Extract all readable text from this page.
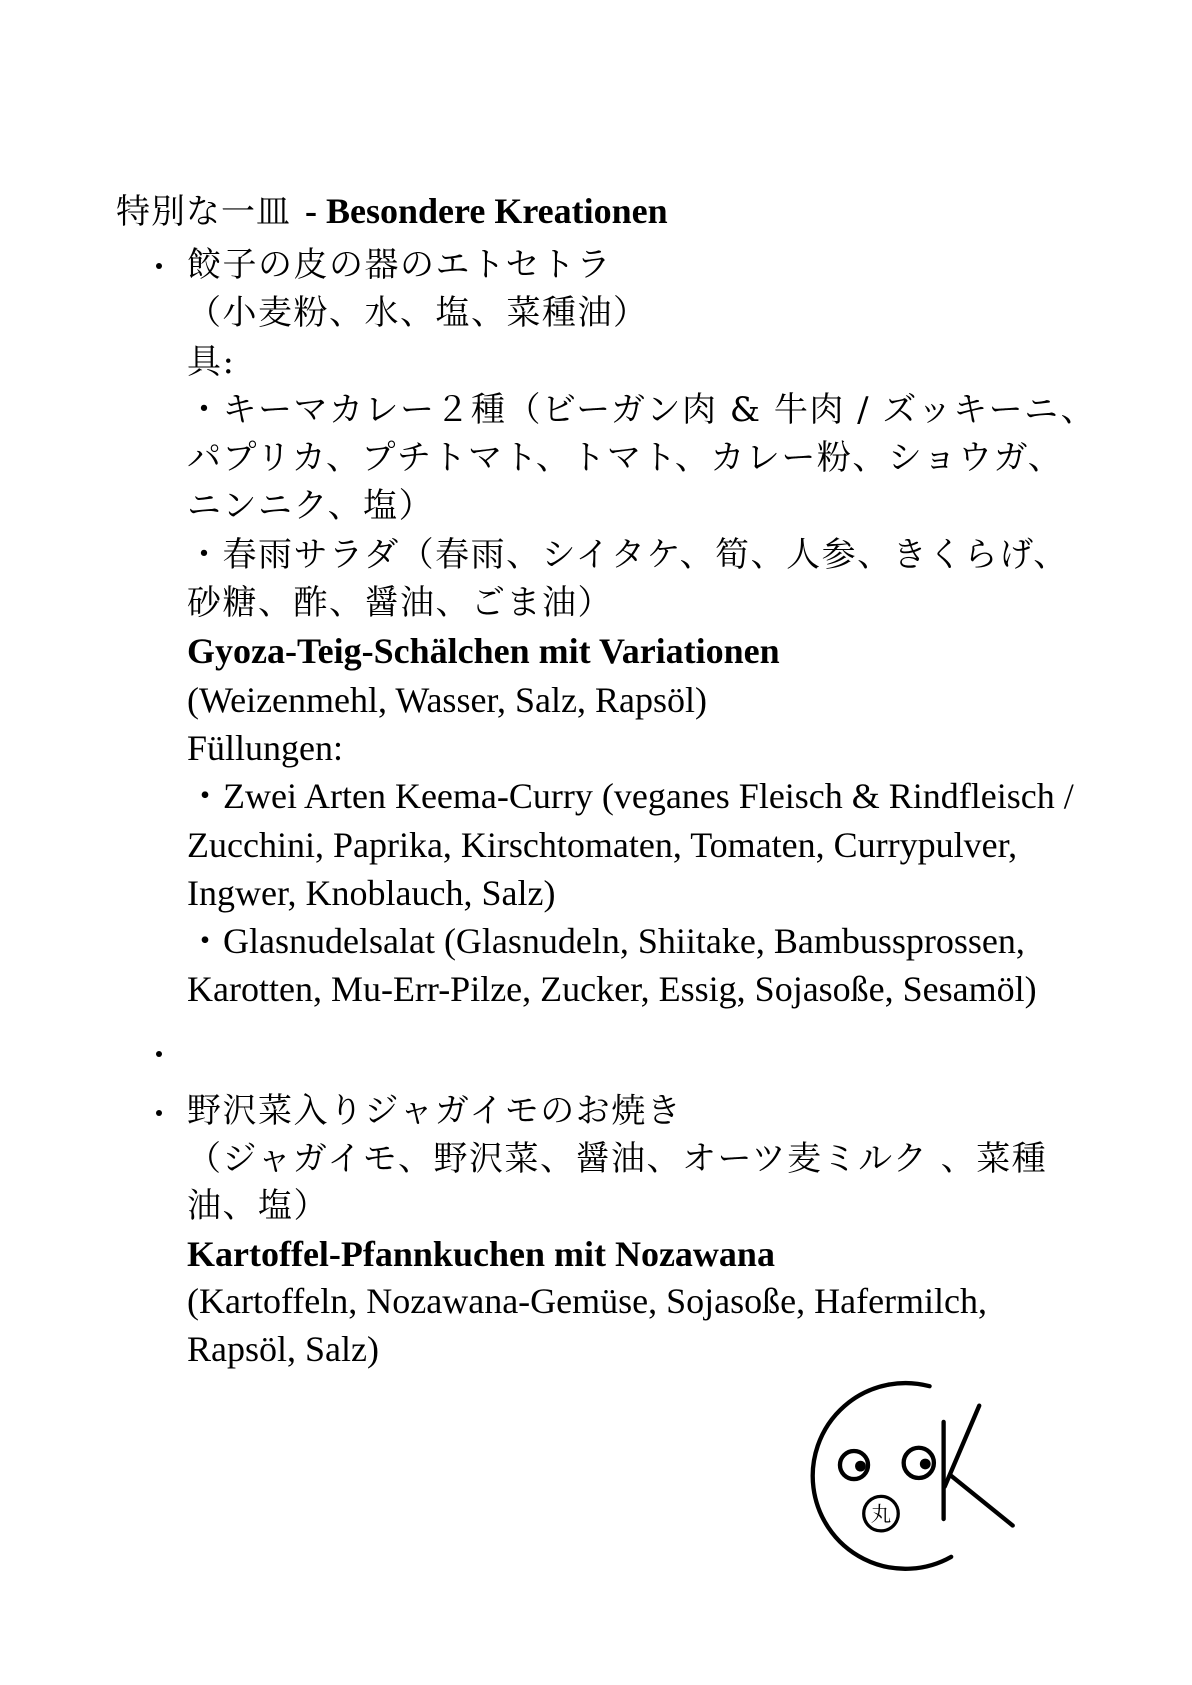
特別な一皿 - Besondere Kreationen
餃子の皮の器のエトセトラ
（小麦粉、水、塩、菜種油）
具:
・キーマカレー２種（ビーガン肉 & 牛肉 / ズッキーニ、
パプリカ、プチトマト、トマト、カレー粉、ショウガ、
ニンニク、塩）
・春雨サラダ（春雨、シイタケ、筍、人参、きくらげ、
砂糖、酢、醤油、ごま油）
Gyoza-Teig-Schälchen mit Variationen
(Weizenmehl, Wasser, Salz, Rapsöl)
Füllungen:
・Zwei Arten Keema-Curry (veganes Fleisch & Rindfleisch /
Zucchini, Paprika, Kirschtomaten, Tomaten, Currypulver,
Ingwer, Knoblauch, Salz)
・Glasnudelsalat (Glasnudeln, Shiitake, Bambussprossen,
Karotten, Mu-Err-Pilze, Zucker, Essig, Sojasoße, Sesamöl)
野沢菜入りジャガイモのお焼き
（ジャガイモ、野沢菜、醤油、オーツ麦ミルク 、菜種
油、塩）
Kartoffel-Pfannkuchen mit Nozawana
(Kartoffeln, Nozawana-Gemüse, Sojasoße, Hafermilch,
Rapsöl, Salz)
丸
